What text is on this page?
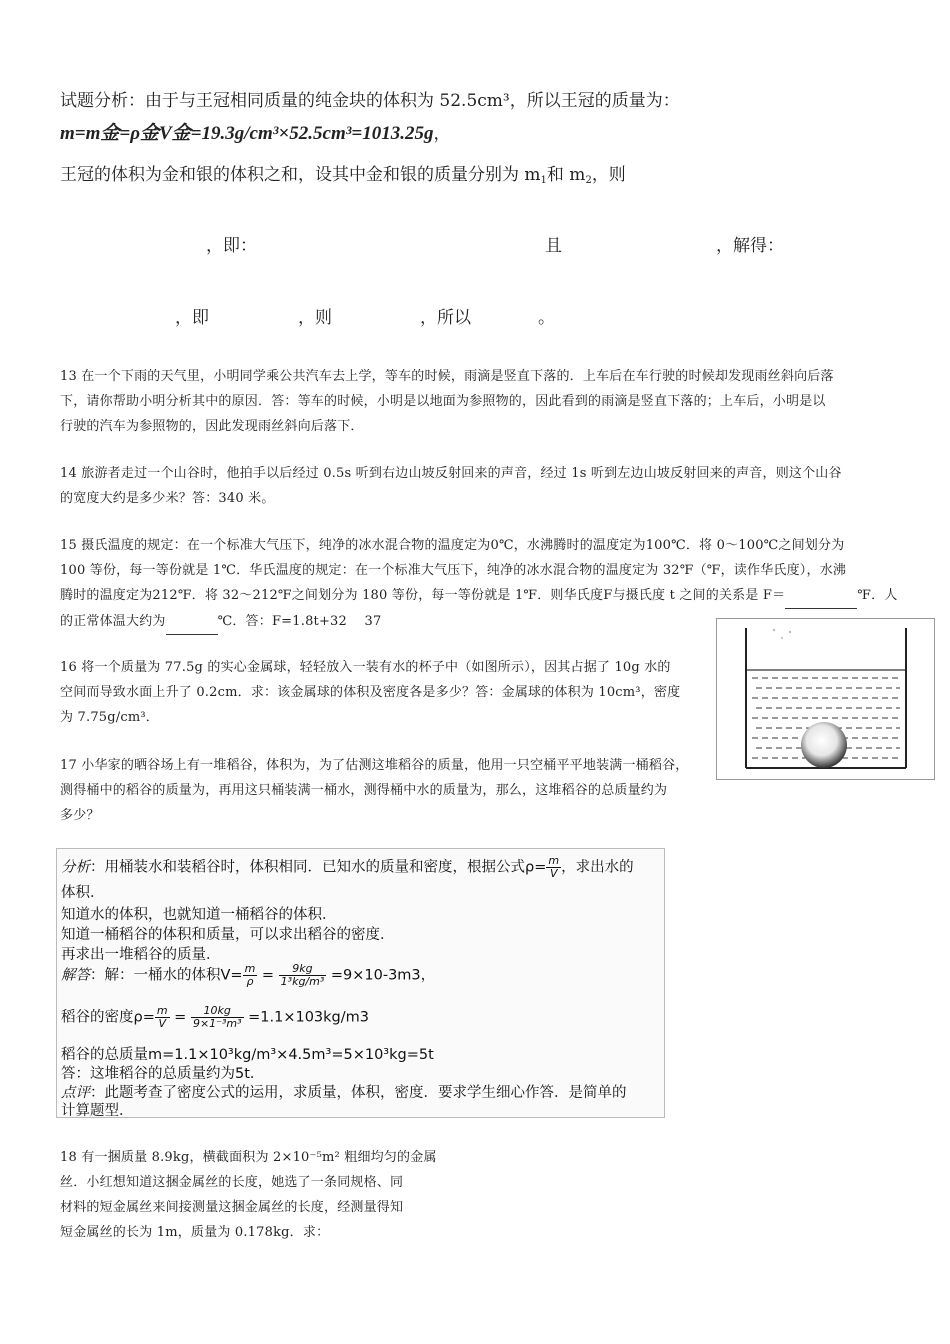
试题分析：由于与王冠相同质量的纯金块的体积为 52.5cm³，所以王冠的质量为：
m=m金=ρ金V金=19.3g/cm³×52.5cm³=1013.25g，
王冠的体积为金和银的体积之和，设其中金和银的质量分别为 $m_1$和 $m_2$，则
，即：	且	，解得：
，即	，则	，所以	。
13 在一个下雨的天气里，小明同学乘公共汽车去上学，等车的时候，雨滴是竖直下落的．上车后在车行驶的时候却发现雨丝斜向后落
下，请你帮助小明分析其中的原因．答：等车的时候，小明是以地面为参照物的，因此看到的雨滴是竖直下落的；上车后，小明是以
行驶的汽车为参照物的，因此发现雨丝斜向后落下．
14 旅游者走过一个山谷时，他拍手以后经过 0.5s 听到右边山坡反射回来的声音，经过 1s 听到左边山坡反射回来的声音，则这个山谷
的宽度大约是多少米？答：340 米。
15 摄氏温度的规定：在一个标准大气压下，纯净的冰水混合物的温度定为0℃，水沸腾时的温度定为100℃．将 0～100℃之间划分为
100 等份，每一等份就是 1℃．华氏温度的规定：在一个标准大气压下，纯净的冰水混合物的温度定为 32℉（℉，读作华氏度），水沸
腾时的温度定为212℉．将 32～212℉之间划分为 180 等份，每一等份就是 1℉．则华氏度F与摄氏度 t 之间的关系是 F＝	℉．人
的正常体温大约为	℃．答：F=1.8t+32　 37
16 将一个质量为 77.5g 的实心金属球，轻轻放入一装有水的杯子中（如图所示），因其占据了 10g 水的
空间而导致水面上升了 0.2cm．求：该金属球的体积及密度各是多少？答：金属球的体积为 10cm³，密度
为 7.75g/cm³．
17 小华家的晒谷场上有一堆稻谷，体积为，为了估测这堆稻谷的质量，他用一只空桶平平地装满一桶稻谷，
测得桶中的稻谷的质量为，再用这只桶装满一桶水，测得桶中水的质量为，那么，这堆稻谷的总质量约为
多少？
分析：用桶装水和装稻谷时，体积相同．已知水的质量和密度，根据公式$\rho= \frac{m}{V}$ ，求出水的
体积．
知道水的体积，也就知道一桶稻谷的体积．
知道一桶稻谷的体积和质量，可以求出稻谷的密度．
再求出一堆稻谷的质量．
解答：解：一桶水的体积$V= \frac{m}{\rho} = \frac{9kg}{\text{1³kg/m³}} =9\times 10-3m3$，
稻谷的密度$\rho= \frac{m}{V} = \frac{10kg}{\text{9×1⁻³m³}} =1.1\times 103kg/m3$
稻谷的总质量m=1.1×10³kg/m³×4.5m³=5×10³kg=5t
答：这堆稻谷的总质量约为5t．
点评：此题考查了密度公式的运用，求质量，体积，密度．要求学生细心作答．是简单的
计算题型．
18 有一捆质量 8.9kg，横截面积为 2×10⁻⁵m² 粗细均匀的金属
丝．小红想知道这捆金属丝的长度，她选了一条同规格、同
材料的短金属丝来间接测量这捆金属丝的长度，经测量得知
短金属丝的长为 1m，质量为 0.178kg．求：
